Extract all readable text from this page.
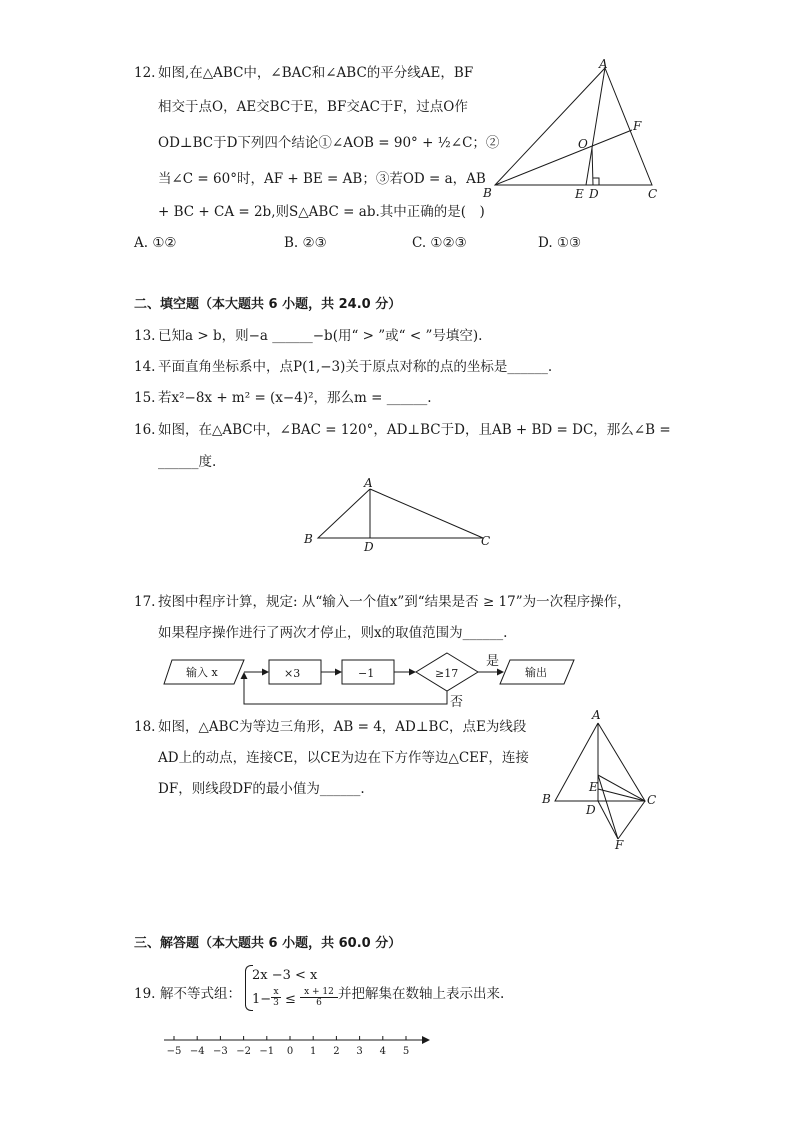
12. 如图,在△ABC中，∠BAC和∠ABC的平分线AE，BF
相交于点O，AE交BC于E，BF交AC于F，过点O作
OD⊥BC于D下列四个结论①∠AOB = 90° + ½∠C；②
当∠C = 60°时，AF + BE = AB；③若OD = a，AB
+ BC + CA = 2b,则S△ABC = ab.其中正确的是(　)
A. ①②	B. ②③	C. ①②③	D. ①③
A
B	C
O
E D
F
二、填空题（本大题共 6 小题，共 24.0 分）
13. 已知a > b，则−a ______−b(用“ > ”或“ < ”号填空).
14. 平面直角坐标系中，点P(1,−3)关于原点对称的点的坐标是______.
15. 若x²−8x + m² = (x−4)²，那么m = ______.
16. 如图，在△ABC中，∠BAC = 120°，AD⊥BC于D，且AB + BD = DC，那么∠B =
______度.
A
B
D	C
17. 按图中程序计算，规定: 从“输入一个值x”到“结果是否 ≥ 17”为一次程序操作，
如果程序操作进行了两次才停止，则x的取值范围为______.
输入 x	×3	−1	≥17	输出
是
否
18. 如图，△ABC为等边三角形，AB = 4，AD⊥BC，点E为线段
AD上的动点，连接CE，以CE为边在下方作等边△CEF，连接
DF，则线段DF的最小值为______.
A
B	C
E
D
F
三、解答题（本大题共 6 小题，共 60.0 分）
19. 解不等式组：
2x −3 < x
$1- \frac{x}{3} \le \frac{x + 12}{6}$ 并把解集在数轴上表示出来.
−5 −4 −3 −2 −1 0 1 2 3 4 5
